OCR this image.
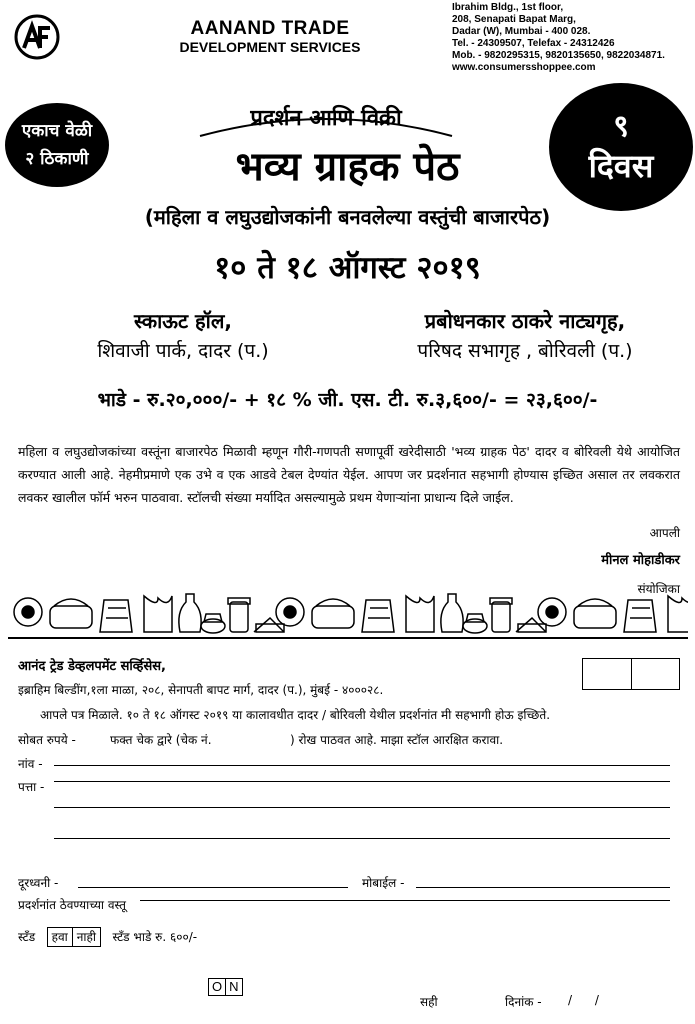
AANAND TRADE
DEVELOPMENT SERVICES
Ibrahim Bldg., 1st floor,
208, Senapati Bapat Marg,
Dadar (W), Mumbai - 400 028.
Tel. - 24309507, Telefax - 24312426
Mob. - 9820295315, 9820135650, 9822034871.
www.consumersshoppee.com
एकाच वेळी
२ ठिकाणी
९
दिवस
प्रदर्शन आणि विक्री
भव्य ग्राहक पेठ
(महिला व लघुउद्योजकांनी बनवलेल्या वस्तुंची बाजारपेठ)
१० ते १८ ऑगस्ट २०१९
स्काऊट हॉल,
शिवाजी पार्क, दादर (प.)
प्रबोधनकार ठाकरे नाट्यगृह,
परिषद सभागृह , बोरिवली (प.)
भाडे - रु.२०,०००/- + १८ % जी. एस. टी. रु.३,६००/- = २३,६००/-
महिला व लघुउद्योजकांच्या वस्तूंना बाजारपेठ मिळावी म्हणून गौरी-गणपती सणापूर्वी खरेदीसाठी 'भव्य ग्राहक पेठ' दादर व बोरिवली येथे आयोजित करण्यात आली आहे. नेहमीप्रमाणे एक उभे व एक आडवे टेबल देण्यांत येईल. आपण जर प्रदर्शनात सहभागी होण्यास इच्छित असाल तर लवकरात लवकर खालील फॉर्म भरुन पाठवावा. स्टॉलची संख्या मर्यादित असल्यामुळे प्रथम येणाऱ्यांना प्राधान्य दिले जाईल.
आपली
मीनल मोहाडीकर
संयोजिका
आनंद ट्रेड डेव्हलपमेंट सर्व्हिसेस,
इब्राहिम बिल्डींग,१ला माळा, २०८, सेनापती बापट मार्ग, दादर (प.), मुंबई - ४०००२८.
आपले पत्र मिळाले. १० ते १८ ऑगस्ट २०१९ या कालावधीत दादर / बोरिवली येथील प्रदर्शनांत मी सहभागी होऊ इच्छिते.
सोबत रुपये -	फक्त चेक द्वारे (चेक नं.	) रोख पाठवत आहे. माझा स्टॉल आरक्षित करावा.
नांव -
पत्ता -
दूरध्वनी -	मोबाईल -
प्रदर्शनांत ठेवण्याच्या वस्तू
स्टँड हवा नाही स्टँड भाडे रु. ६००/-
O N
सही	दिनांक - /      /
